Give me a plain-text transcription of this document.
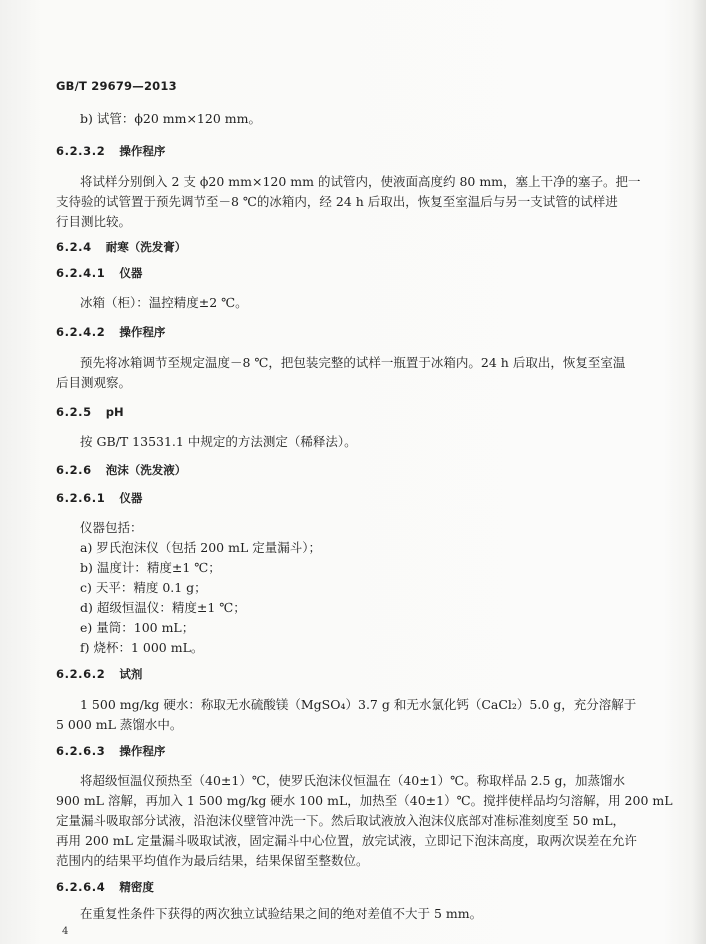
GB/T 29679—2013
b) 试管：ϕ20 mm×120 mm。
6.2.3.2 操作程序
将试样分别倒入 2 支 ϕ20 mm×120 mm 的试管内，使液面高度约 80 mm，塞上干净的塞子。把一
支待验的试管置于预先调节至－8 ℃的冰箱内，经 24 h 后取出，恢复至室温后与另一支试管的试样进
行目测比较。
6.2.4 耐寒（洗发膏）
6.2.4.1 仪器
冰箱（柜）：温控精度±2 ℃。
6.2.4.2 操作程序
预先将冰箱调节至规定温度－8 ℃，把包装完整的试样一瓶置于冰箱内。24 h 后取出，恢复至室温
后目测观察。
6.2.5 pH
按 GB/T 13531.1 中规定的方法测定（稀释法）。
6.2.6 泡沫（洗发液）
6.2.6.1 仪器
仪器包括：
a) 罗氏泡沫仪（包括 200 mL 定量漏斗）；
b) 温度计：精度±1 ℃；
c) 天平：精度 0.1 g；
d) 超级恒温仪：精度±1 ℃；
e) 量筒：100 mL；
f) 烧杯：1 000 mL。
6.2.6.2 试剂
1 500 mg/kg 硬水：称取无水硫酸镁（MgSO₄）3.7 g 和无水氯化钙（CaCl₂）5.0 g，充分溶解于
5 000 mL 蒸馏水中。
6.2.6.3 操作程序
将超级恒温仪预热至（40±1）℃，使罗氏泡沫仪恒温在（40±1）℃。称取样品 2.5 g，加蒸馏水
900 mL 溶解，再加入 1 500 mg/kg 硬水 100 mL，加热至（40±1）℃。搅拌使样品均匀溶解，用 200 mL
定量漏斗吸取部分试液，沿泡沫仪壁管冲洗一下。然后取试液放入泡沫仪底部对准标准刻度至 50 mL，
再用 200 mL 定量漏斗吸取试液，固定漏斗中心位置，放完试液，立即记下泡沫高度，取两次误差在允许
范围内的结果平均值作为最后结果，结果保留至整数位。
6.2.6.4 精密度
在重复性条件下获得的两次独立试验结果之间的绝对差值不大于 5 mm。
4
